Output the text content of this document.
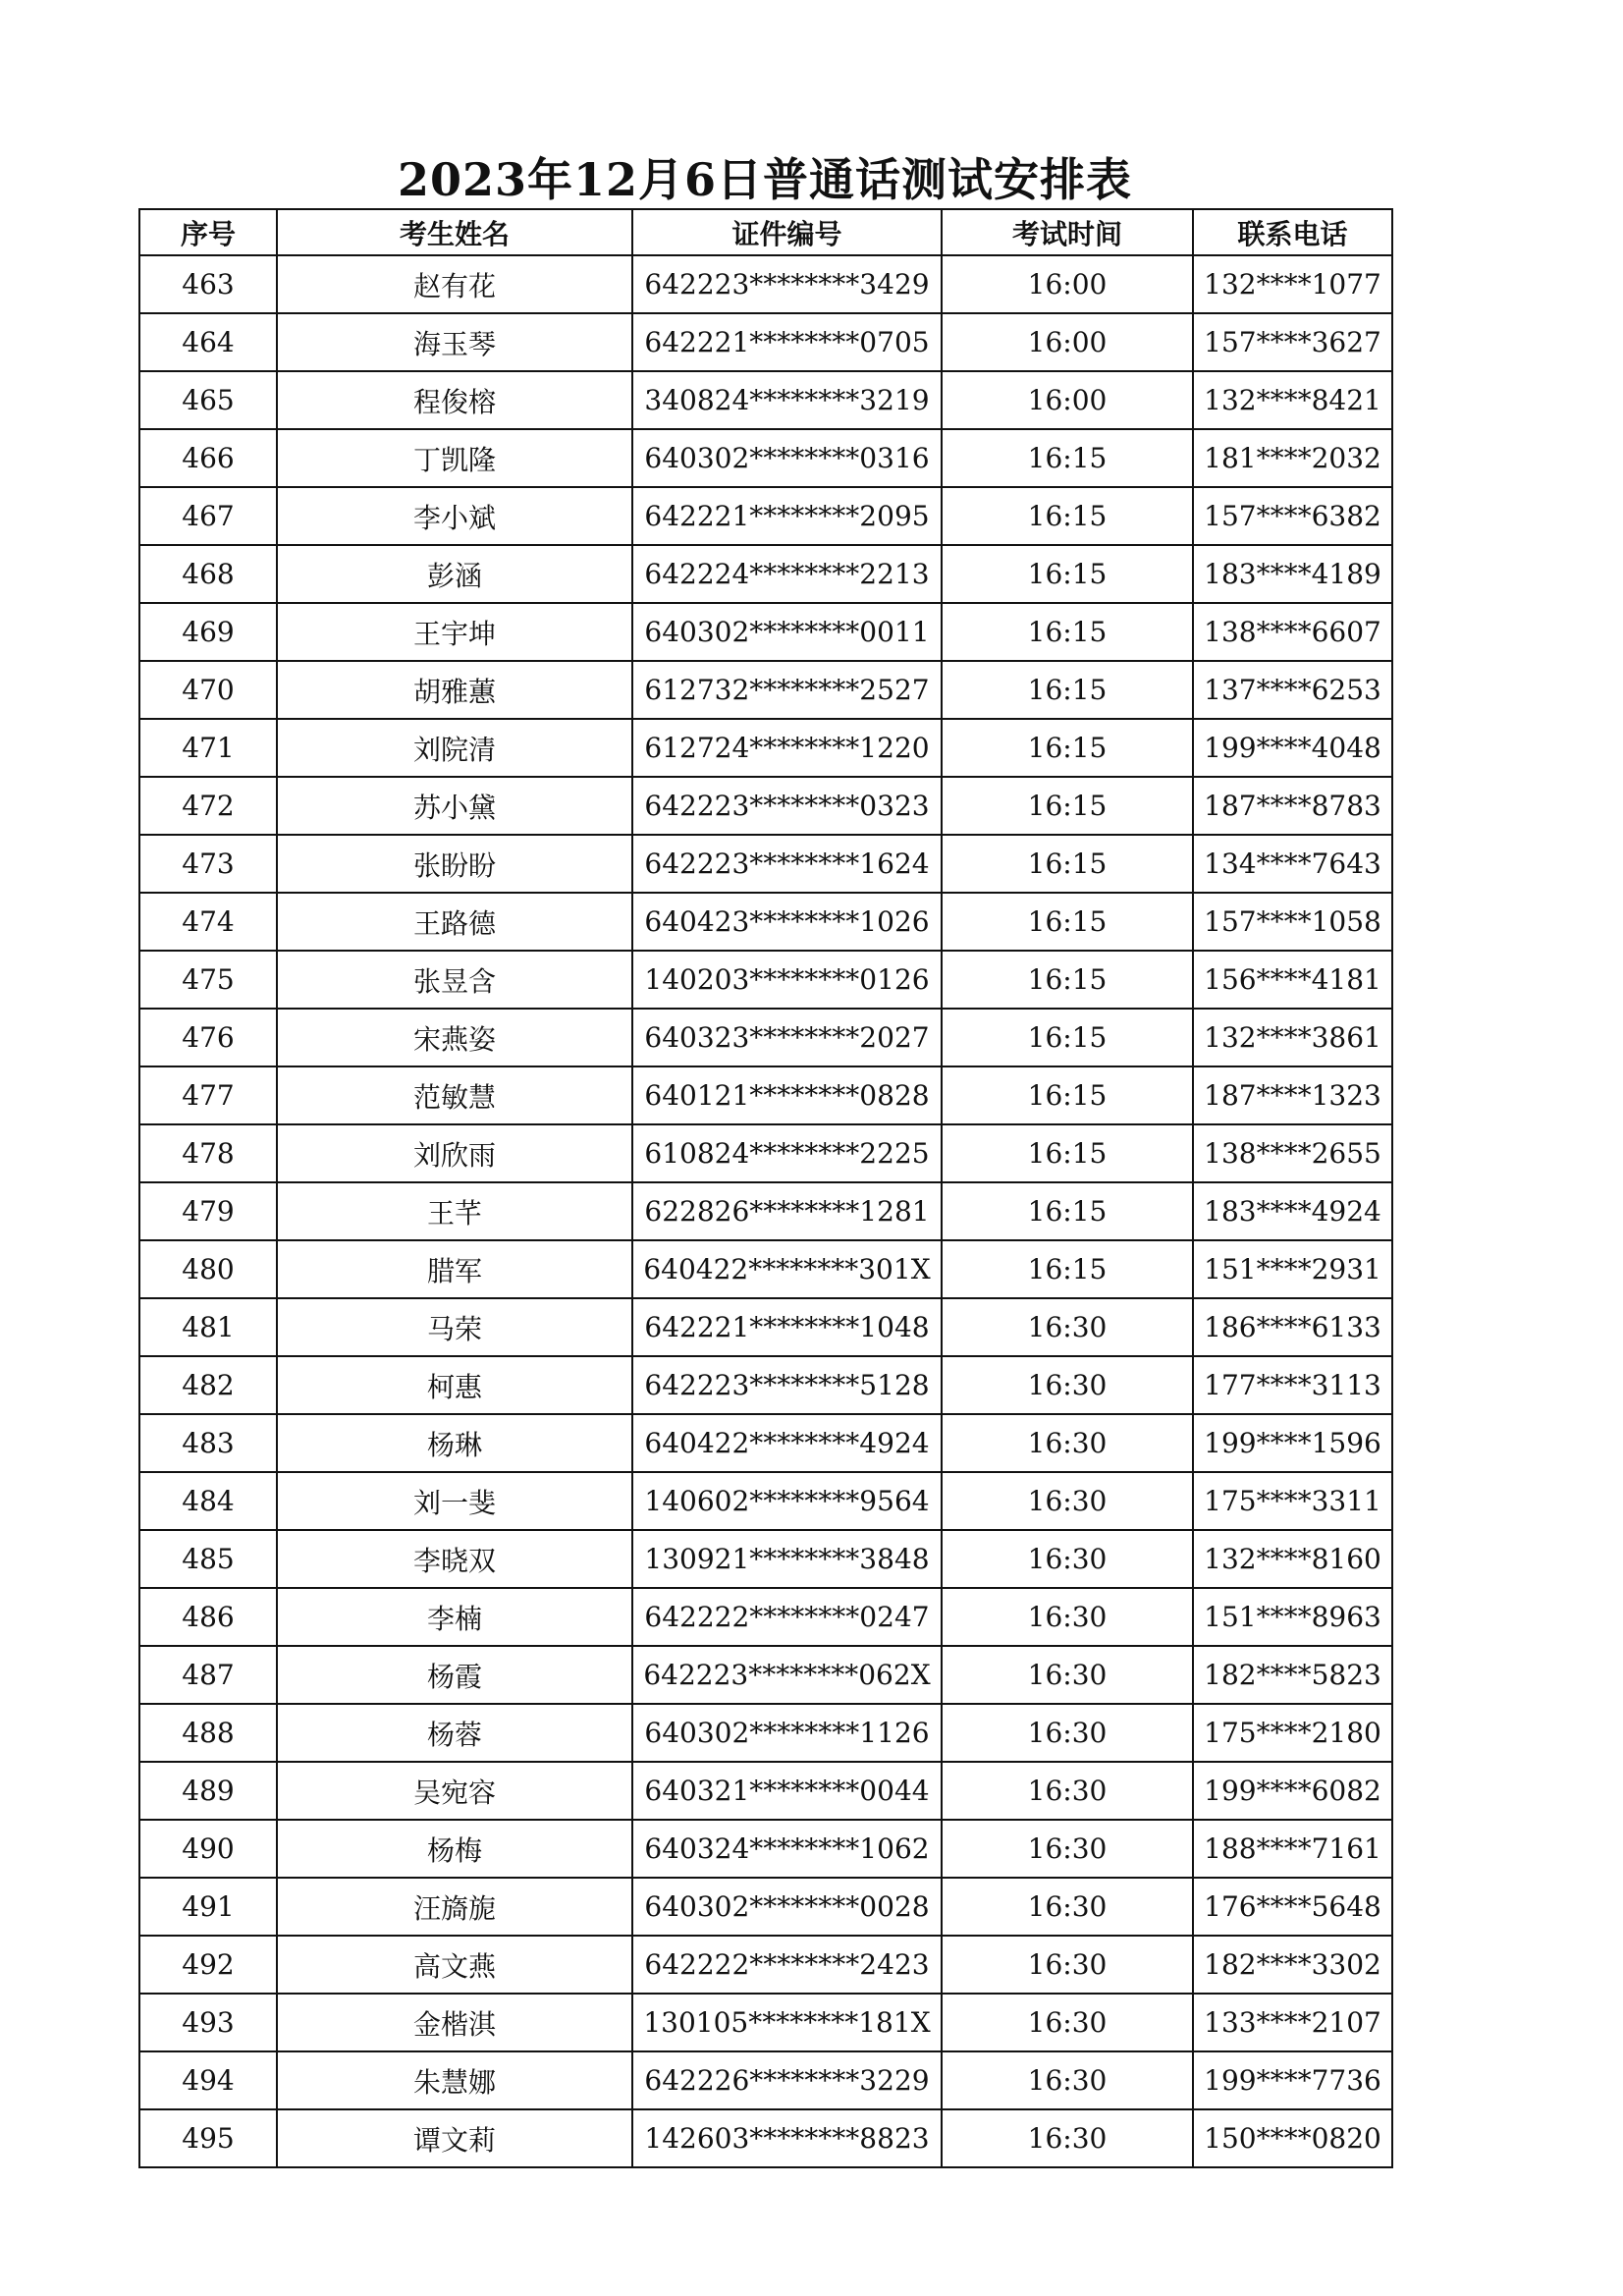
2023年12月6日普通话测试安排表
序号	考生姓名	证件编号	考试时间	联系电话
463	赵有花	642223********3429	16:00	132****1077
464	海玉琴	642221********0705	16:00	157****3627
465	程俊榕	340824********3219	16:00	132****8421
466	丁凯隆	640302********0316	16:15	181****2032
467	李小斌	642221********2095	16:15	157****6382
468	彭涵	642224********2213	16:15	183****4189
469	王宇坤	640302********0011	16:15	138****6607
470	胡雅蕙	612732********2527	16:15	137****6253
471	刘院清	612724********1220	16:15	199****4048
472	苏小黛	642223********0323	16:15	187****8783
473	张盼盼	642223********1624	16:15	134****7643
474	王路德	640423********1026	16:15	157****1058
475	张昱含	140203********0126	16:15	156****4181
476	宋燕姿	640323********2027	16:15	132****3861
477	范敏慧	640121********0828	16:15	187****1323
478	刘欣雨	610824********2225	16:15	138****2655
479	王芊	622826********1281	16:15	183****4924
480	腊军	640422********301X	16:15	151****2931
481	马荣	642221********1048	16:30	186****6133
482	柯惠	642223********5128	16:30	177****3113
483	杨琳	640422********4924	16:30	199****1596
484	刘一斐	140602********9564	16:30	175****3311
485	李晓双	130921********3848	16:30	132****8160
486	李楠	642222********0247	16:30	151****8963
487	杨霞	642223********062X	16:30	182****5823
488	杨蓉	640302********1126	16:30	175****2180
489	吴宛容	640321********0044	16:30	199****6082
490	杨梅	640324********1062	16:30	188****7161
491	汪旖旎	640302********0028	16:30	176****5648
492	高文燕	642222********2423	16:30	182****3302
493	金楷淇	130105********181X	16:30	133****2107
494	朱慧娜	642226********3229	16:30	199****7736
495	谭文莉	142603********8823	16:30	150****0820
